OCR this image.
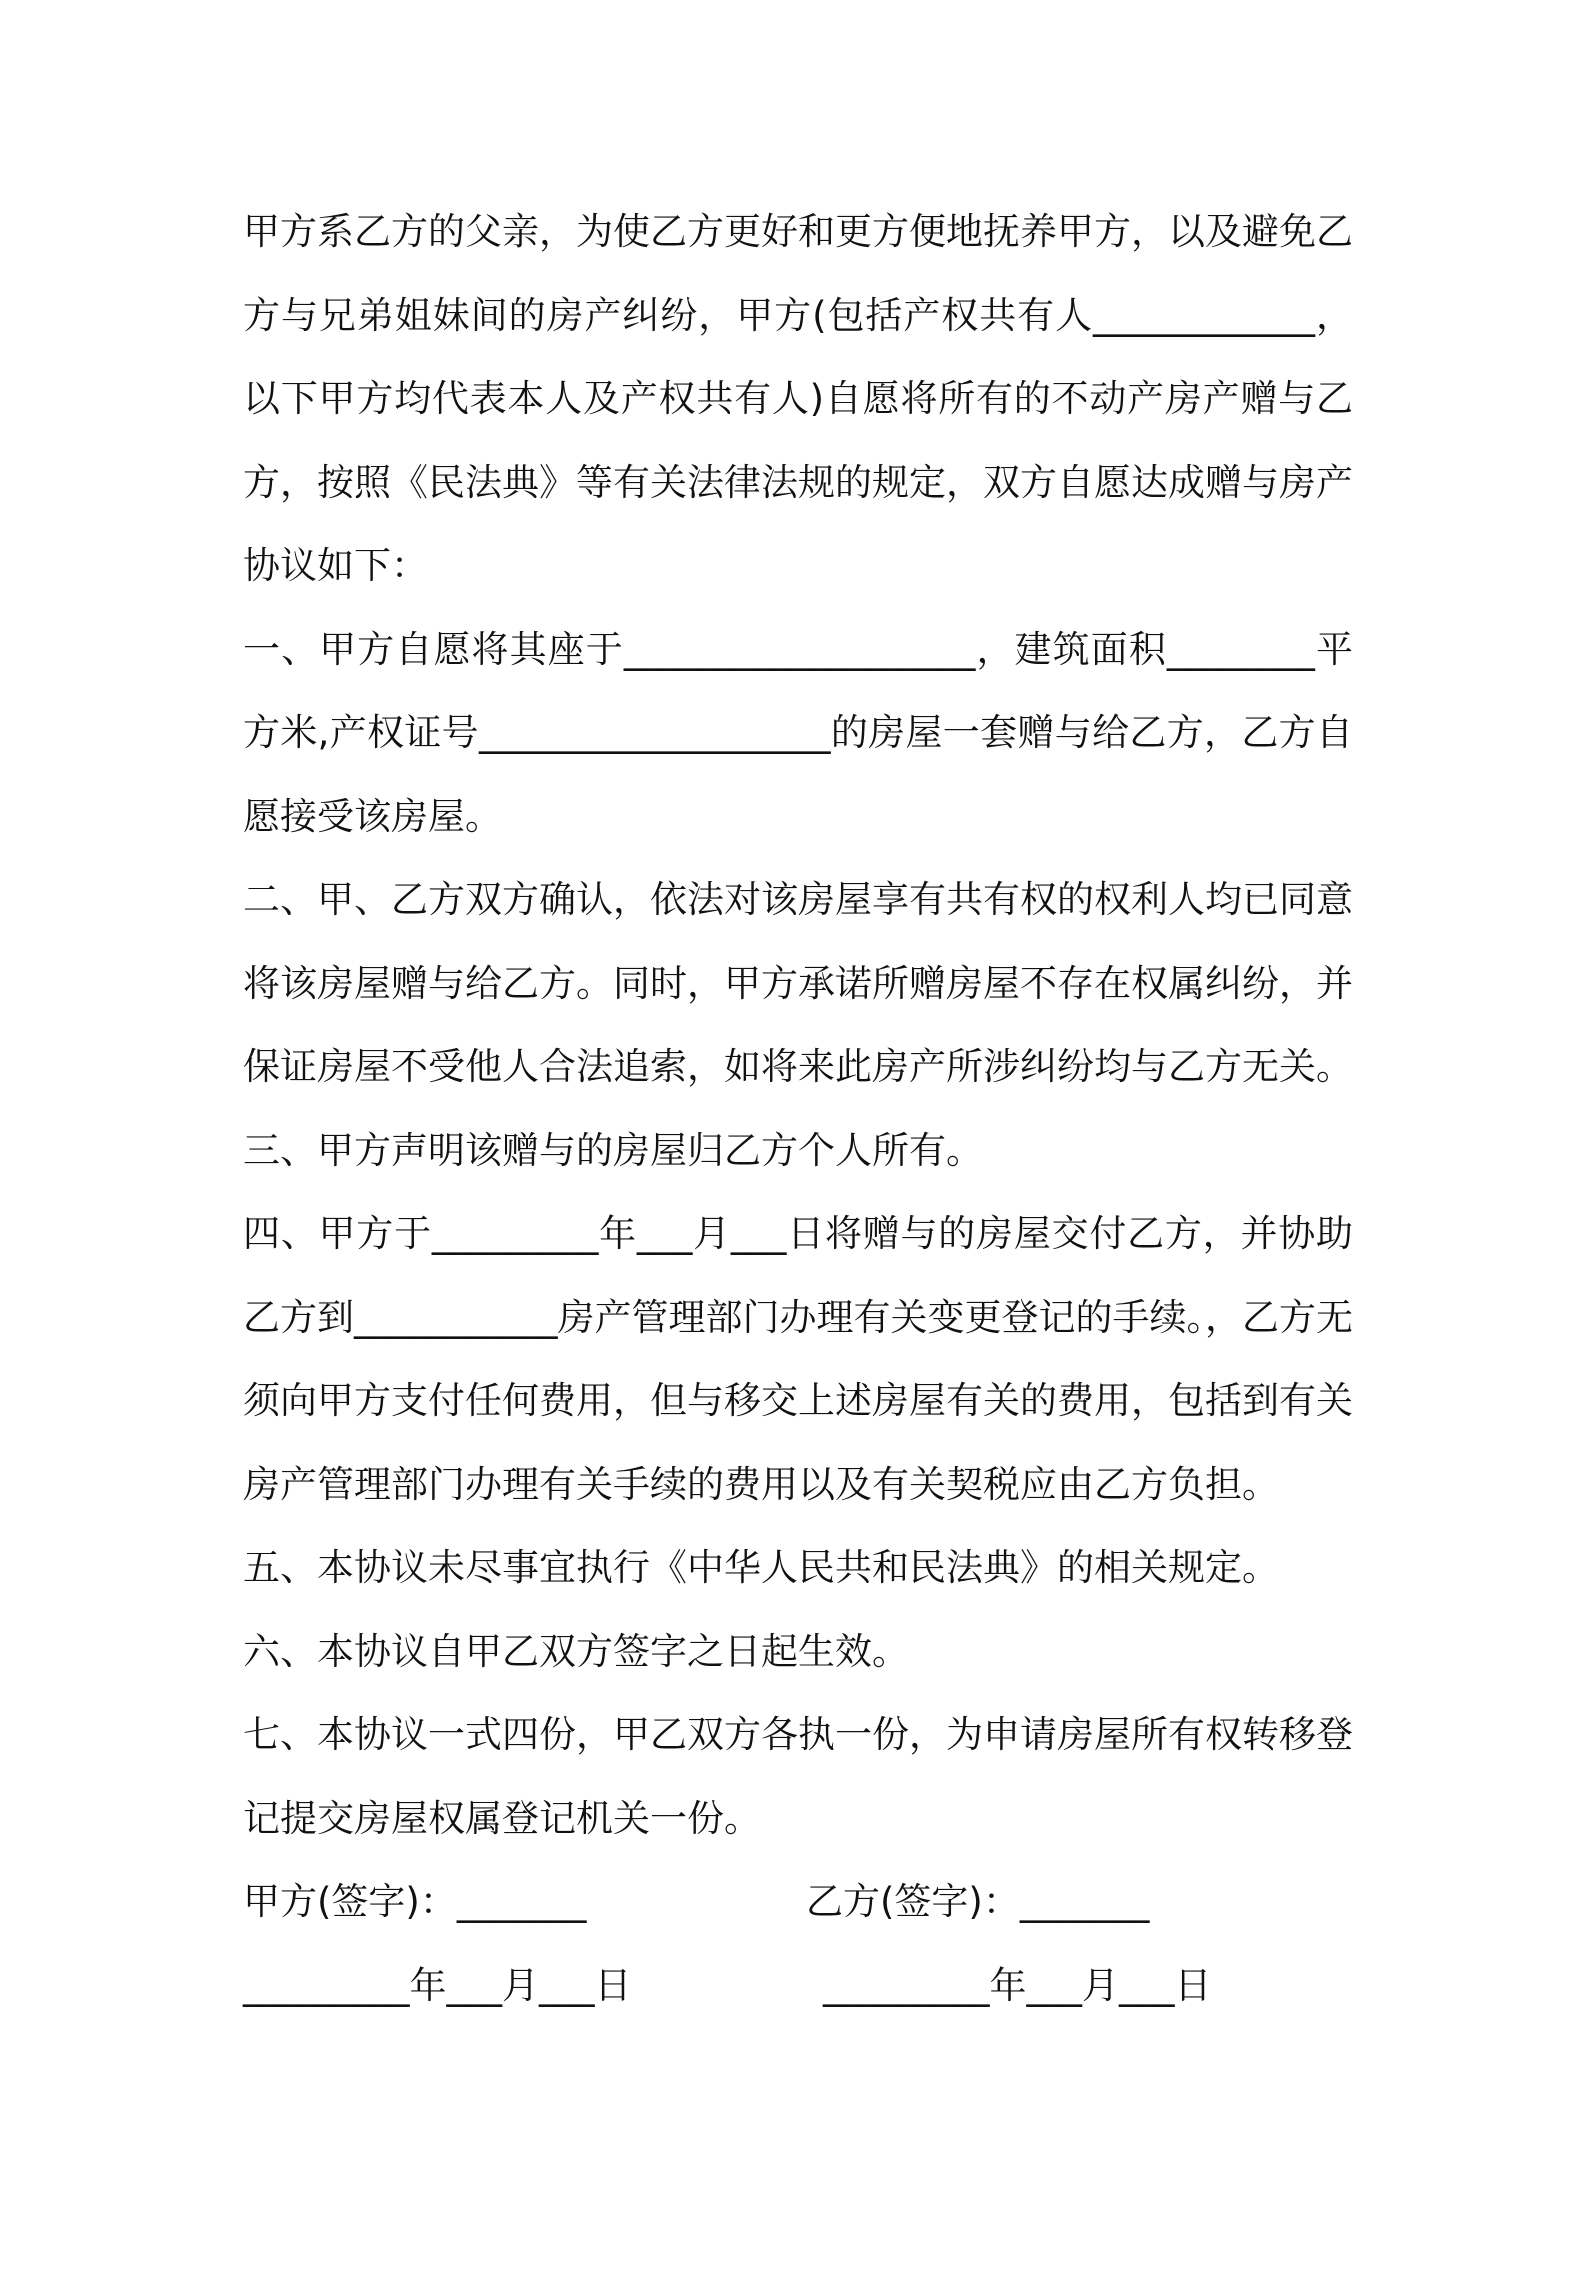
甲方系乙方的父亲，为使乙方更好和更方便地抚养甲方，以及避免乙方与兄弟姐妹间的房产纠纷，甲方(包括产权共有人____________，以下甲方均代表本人及产权共有人)自愿将所有的不动产房产赠与乙方，按照《民法典》等有关法律法规的规定，双方自愿达成赠与房产协议如下：

一、甲方自愿将其座于___________________，建筑面积________平方米,产权证号___________________的房屋一套赠与给乙方，乙方自愿接受该房屋。

二、甲、乙方双方确认，依法对该房屋享有共有权的权利人均已同意将该房屋赠与给乙方。同时，甲方承诺所赠房屋不存在权属纠纷，并保证房屋不受他人合法追索，如将来此房产所涉纠纷均与乙方无关。

三、甲方声明该赠与的房屋归乙方个人所有。

四、甲方于_________年___月___日将赠与的房屋交付乙方，并协助乙方到___________房产管理部门办理有关变更登记的手续。，乙方无须向甲方支付任何费用，但与移交上述房屋有关的费用，包括到有关房产管理部门办理有关手续的费用以及有关契税应由乙方负担。

五、本协议未尽事宜执行《中华人民共和民法典》的相关规定。

六、本协议自甲乙双方签字之日起生效。

七、本协议一式四份，甲乙双方各执一份，为申请房屋所有权转移登记提交房屋权属登记机关一份。

甲方(签字)：_______

	乙方(签字)：_______

_________年___月___日

	_________年___月___日
